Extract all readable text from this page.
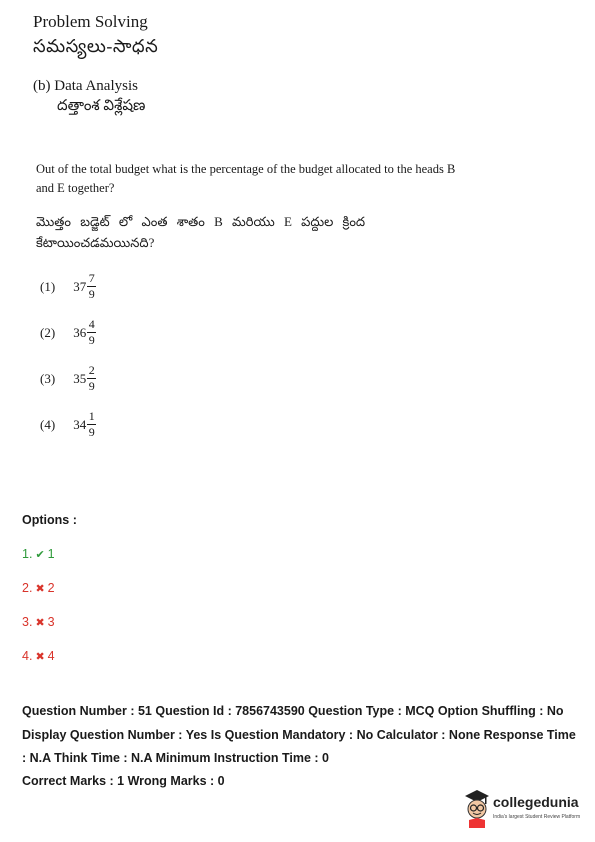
Problem Solving
సమస్యలు-సాధన
(b) Data Analysis
దత్తాంశ విశ్లేషణ
Out of the total budget what is the percentage of the budget allocated to the heads B and E together?
మొత్తం బడ్జెట్ లో ఎంత శాతం B మరియు E పద్దుల క్రింద కేటాయించడమయినది?
(1) $37 \frac{7}{9}$
(2) $36 \frac{4}{9}$
(3) $35 \frac{2}{9}$
(4) $34 \frac{1}{9}$
Options :
1. ✔ 1
2. ✖ 2
3. ✖ 3
4. ✖ 4
Question Number : 51 Question Id : 7856743590 Question Type : MCQ Option Shuffling : No Display Question Number : Yes Is Question Mandatory : No Calculator : None Response Time : N.A Think Time : N.A Minimum Instruction Time : 0
Correct Marks : 1 Wrong Marks : 0
collegedunia
India's largest Student Review Platform
